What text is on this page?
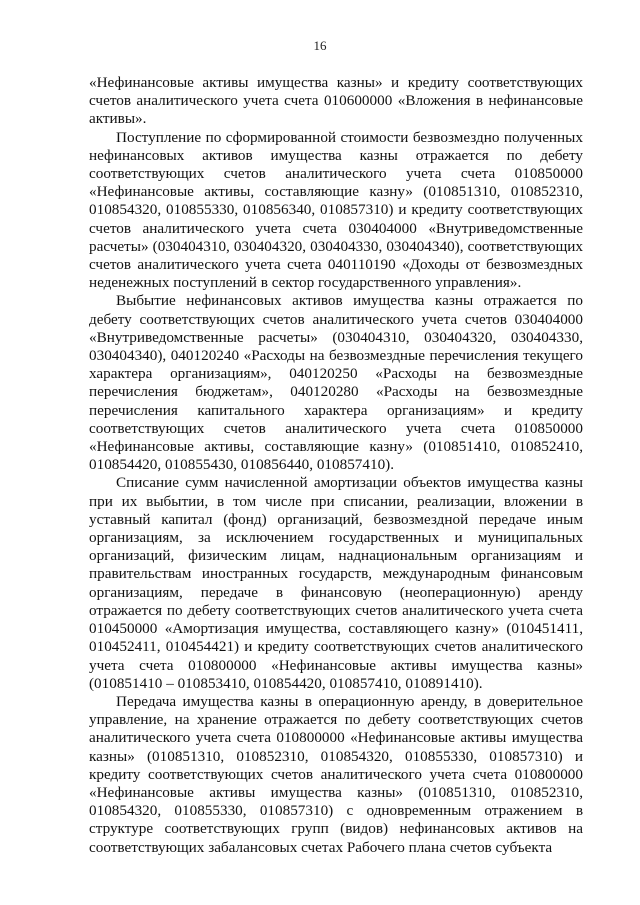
16

«Нефинансовые активы имущества казны» и кредиту соответствующих счетов аналитического учета счета 010600000 «Вложения в нефинансовые активы».

Поступление по сформированной стоимости безвозмездно полученных нефинансовых активов имущества казны отражается по дебету соответствующих счетов аналитического учета счета 010850000 «Нефинансовые активы, составляющие казну» (010851310, 010852310, 010854320, 010855330, 010856340, 010857310) и кредиту соответствующих счетов аналитического учета счета 030404000 «Внутриведомственные расчеты» (030404310, 030404320, 030404330, 030404340), соответствующих счетов аналитического учета счета 040110190 «Доходы от безвозмездных неденежных поступлений в сектор государственного управления».

Выбытие нефинансовых активов имущества казны отражается по дебету соответствующих счетов аналитического учета счетов 030404000 «Внутриведомственные расчеты» (030404310, 030404320, 030404330, 030404340), 040120240 «Расходы на безвозмездные перечисления текущего характера организациям», 040120250 «Расходы на безвозмездные перечисления бюджетам», 040120280 «Расходы на безвозмездные перечисления капитального характера организациям» и кредиту соответствующих счетов аналитического учета счета 010850000 «Нефинансовые активы, составляющие казну» (010851410, 010852410, 010854420, 010855430, 010856440, 010857410).

Списание сумм начисленной амортизации объектов имущества казны при их выбытии, в том числе при списании, реализации, вложении в уставный капитал (фонд) организаций, безвозмездной передаче иным организациям, за исключением государственных и муниципальных организаций, физическим лицам, наднациональным организациям и правительствам иностранных государств, международным финансовым организациям, передаче в финансовую (неоперационную) аренду отражается по дебету соответствующих счетов аналитического учета счета 010450000 «Амортизация имущества, составляющего казну» (010451411, 010452411, 010454421) и кредиту соответствующих счетов аналитического учета счета 010800000 «Нефинансовые активы имущества казны» (010851410 – 010853410, 010854420, 010857410, 010891410).

Передача имущества казны в операционную аренду, в доверительное управление, на хранение отражается по дебету соответствующих счетов аналитического учета счета 010800000 «Нефинансовые активы имущества казны» (010851310, 010852310, 010854320, 010855330, 010857310) и кредиту соответствующих счетов аналитического учета счета 010800000 «Нефинансовые активы имущества казны» (010851310, 010852310, 010854320, 010855330, 010857310) с одновременным отражением в структуре соответствующих групп (видов) нефинансовых активов на соответствующих забалансовых счетах Рабочего плана счетов субъекта
